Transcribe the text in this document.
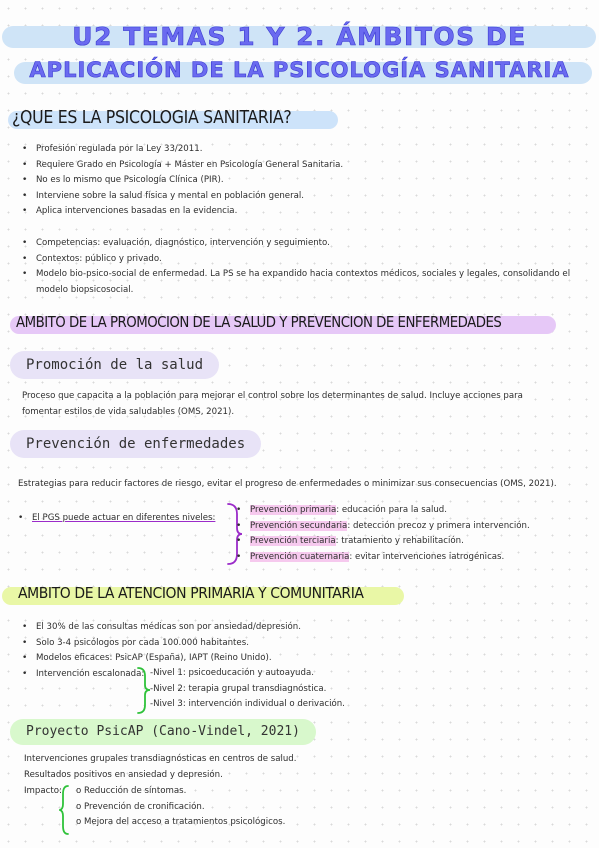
U2 TEMAS 1 Y 2. ÁMBITOS DE
APLICACIÓN DE LA PSICOLOGÍA SANITARIA
¿QUE ES LA PSICOLOGIA SANITARIA?
• Profesión regulada por la Ley 33/2011.
• Requiere Grado en Psicología + Máster en Psicología General Sanitaria.
• No es lo mismo que Psicología Clínica (PIR).
• Interviene sobre la salud física y mental en población general.
• Aplica intervenciones basadas en la evidencia.
• Competencias: evaluación, diagnóstico, intervención y seguimiento.
• Contextos: público y privado.
• Modelo bio-psico-social de enfermedad. La PS se ha expandido hacia contextos médicos, sociales y legales, consolidando el modelo biopsicosocial.
AMBITO DE LA PROMOCION DE LA SALUD Y PREVENCION DE ENFERMEDADES
Promoción de la salud
Proceso que capacita a la población para mejorar el control sobre los determinantes de salud. Incluye acciones para fomentar estilos de vida saludables (OMS, 2021).
Prevención de enfermedades
Estrategias para reducir factores de riesgo, evitar el progreso de enfermedades o minimizar sus consecuencias (OMS, 2021).
• El PGS puede actuar en diferentes niveles:
• Prevención primaria: educación para la salud.
• Prevención secundaria: detección precoz y primera intervención.
• Prevención terciaria: tratamiento y rehabilitación.
• Prevención cuaternaria: evitar intervenciones iatrogénicas.
AMBITO DE LA ATENCION PRIMARIA Y COMUNITARIA
• El 30% de las consultas médicas son por ansiedad/depresión.
• Solo 3-4 psicólogos por cada 100.000 habitantes.
• Modelos eficaces: PsicAP (España), IAPT (Reino Unido).
• Intervención escalonada: -Nivel 1: psicoeducación y autoayuda.
-Nivel 2: terapia grupal transdiagnóstica.
-Nivel 3: intervención individual o derivación.
Proyecto PsicAP (Cano-Vindel, 2021)
Intervenciones grupales transdiagnósticas en centros de salud.
Resultados positivos en ansiedad y depresión.
Impacto: o Reducción de síntomas.
o Prevención de cronificación.
o Mejora del acceso a tratamientos psicológicos.
